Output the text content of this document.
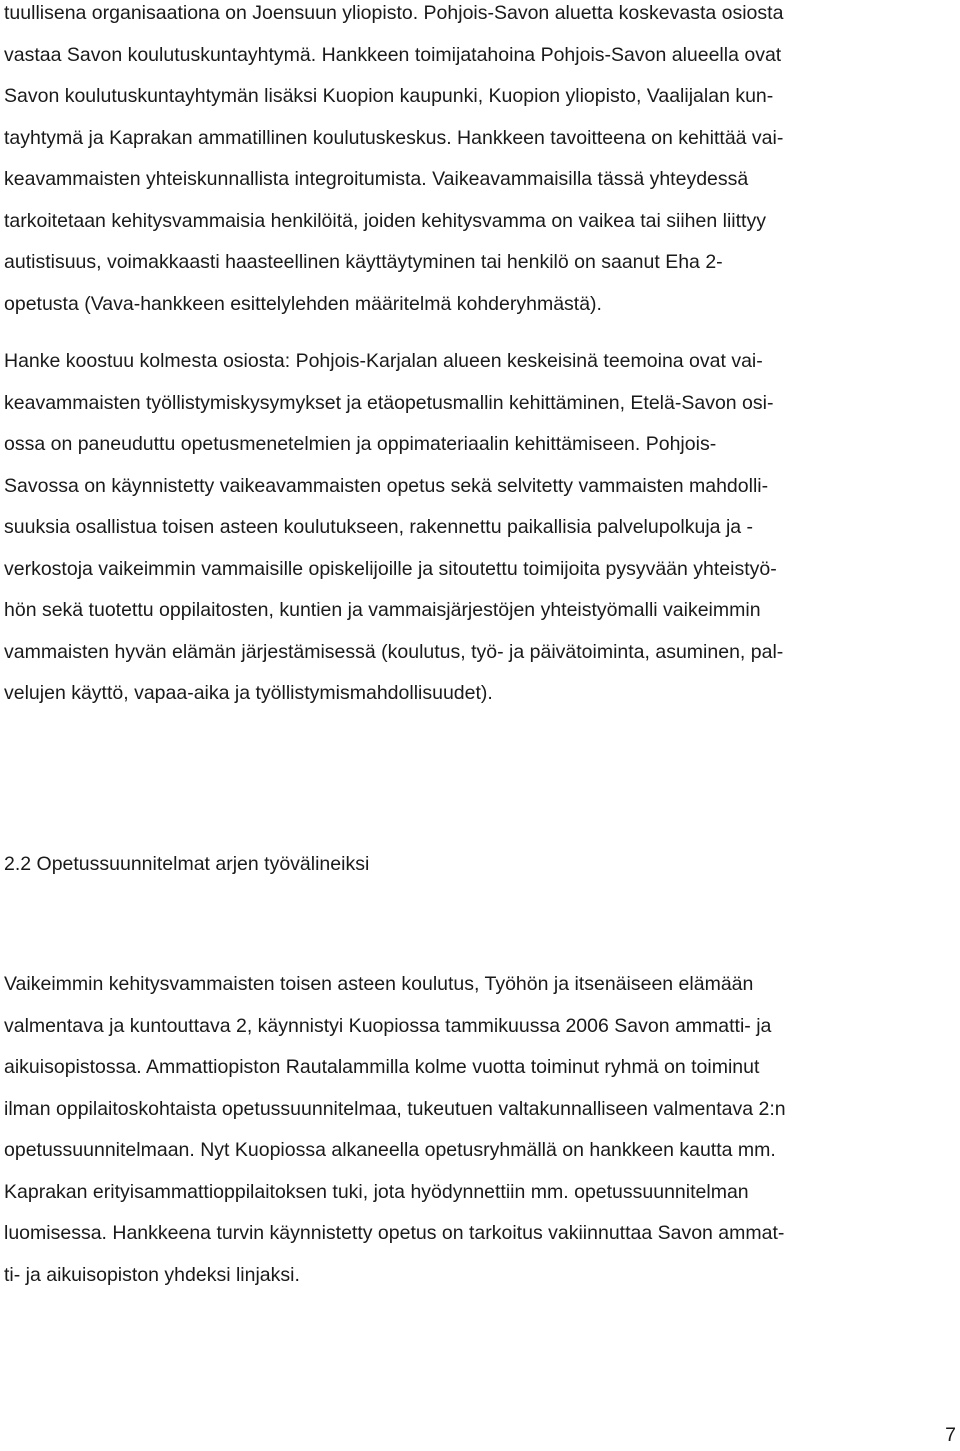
tuullisena organisaationa on Joensuun yliopisto. Pohjois-Savon aluetta koskevasta osiosta
vastaa Savon koulutuskuntayhtymä. Hankkeen toimijatahoina Pohjois-Savon alueella ovat
Savon koulutuskuntayhtymän lisäksi Kuopion kaupunki, Kuopion yliopisto, Vaalijalan kun-
tayhtymä ja Kaprakan ammatillinen koulutuskeskus. Hankkeen tavoitteena on kehittää vai-
keavammaisten yhteiskunnallista integroitumista. Vaikeavammaisilla tässä yhteydessä
tarkoitetaan kehitysvammaisia henkilöitä, joiden kehitysvamma on vaikea tai siihen liittyy
autistisuus, voimakkaasti haasteellinen käyttäytyminen tai henkilö on saanut Eha 2-
opetusta (Vava-hankkeen esittelylehden määritelmä kohderyhmästä).
Hanke koostuu kolmesta osiosta: Pohjois-Karjalan alueen keskeisinä teemoina ovat vai-
keavammaisten työllistymiskysymykset ja etäopetusmallin kehittäminen, Etelä-Savon osi-
ossa on paneuduttu opetusmenetelmien ja oppimateriaalin kehittämiseen. Pohjois-
Savossa on käynnistetty vaikeavammaisten opetus sekä selvitetty vammaisten mahdolli-
suuksia osallistua toisen asteen koulutukseen, rakennettu paikallisia palvelupolkuja ja -
verkostoja vaikeimmin vammaisille opiskelijoille ja sitoutettu toimijoita pysyvään yhteistyö-
hön sekä tuotettu oppilaitosten, kuntien ja vammaisjärjestöjen yhteistyömalli vaikeimmin
vammaisten hyvän elämän järjestämisessä (koulutus, työ- ja päivätoiminta, asuminen, pal-
velujen käyttö, vapaa-aika ja työllistymismahdollisuudet).
2.2 Opetussuunnitelmat arjen työvälineiksi
Vaikeimmin kehitysvammaisten toisen asteen koulutus, Työhön ja itsenäiseen elämään
valmentava ja kuntouttava 2, käynnistyi Kuopiossa tammikuussa 2006 Savon ammatti- ja
aikuisopistossa. Ammattiopiston Rautalammilla kolme vuotta toiminut ryhmä on toiminut
ilman oppilaitoskohtaista opetussuunnitelmaa, tukeutuen valtakunnalliseen valmentava 2:n
opetussuunnitelmaan. Nyt Kuopiossa alkaneella opetusryhmällä on hankkeen kautta mm.
Kaprakan erityisammattioppilaitoksen tuki, jota hyödynnettiin mm. opetussuunnitelman
luomisessa. Hankkeena turvin käynnistetty opetus on tarkoitus vakiinnuttaa Savon ammat-
ti- ja aikuisopiston yhdeksi linjaksi.
7
